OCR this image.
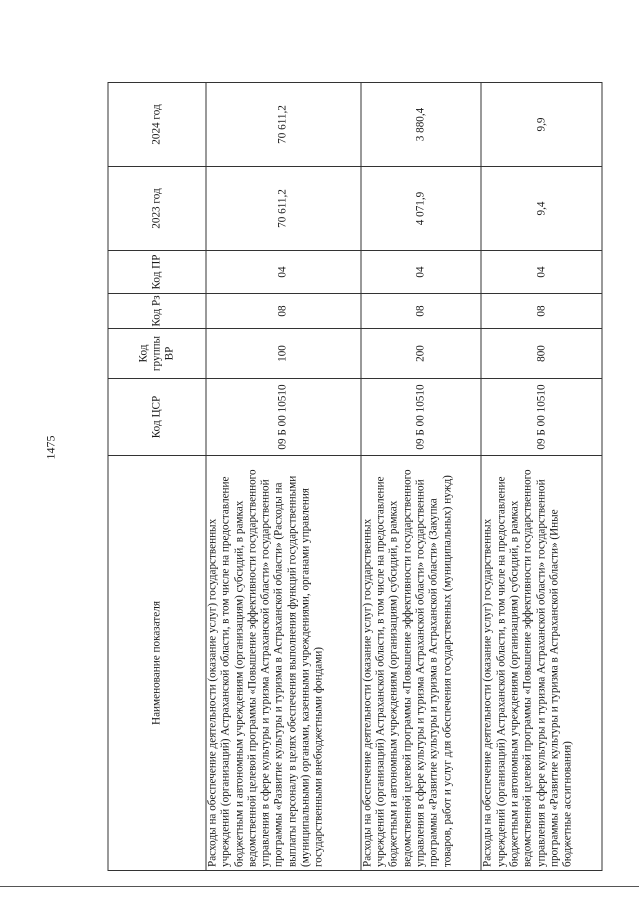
1475
Наименование показателя	Код ЦСР	Код группы ВР	Код Рз	Код ПР	2023 год	2024 год
Расходы на обеспечение деятельности (оказание услуг) государственных учреждений (организаций) Астраханской области, в том числе на предоставление бюджетным и автономным учреждениям (организациям) субсидий, в рамках ведомственной целевой программы «Повышение эффективности государственного управления в сфере культуры и туризма Астраханской области» государственной программы «Развитие культуры и туризма в Астраханской области» (Расходы на выплаты персоналу в целях обеспечения выполнения функций государственными (муниципальными) органами, казенными учреждениями, органами управления государственными внебюджетными фондами)	09 Б 00 10510	100	08	04	70 611,2	70 611,2
Расходы на обеспечение деятельности (оказание услуг) государственных учреждений (организаций) Астраханской области, в том числе на предоставление бюджетным и автономным учреждениям (организациям) субсидий, в рамках ведомственной целевой программы «Повышение эффективности государственного управления в сфере культуры и туризма Астраханской области» государственной программы «Развитие культуры и туризма в Астраханской области» (Закупка товаров, работ и услуг для обеспечения государственных (муниципальных) нужд)	09 Б 00 10510	200	08	04	4 071,9	3 880,4
Расходы на обеспечение деятельности (оказание услуг) государственных учреждений (организаций) Астраханской области, в том числе на предоставление бюджетным и автономным учреждениям (организациям) субсидий, в рамках ведомственной целевой программы «Повышение эффективности государственного управления в сфере культуры и туризма Астраханской области» государственной программы «Развитие культуры и туризма в Астраханской области» (Иные бюджетные ассигнования)	09 Б 00 10510	800	08	04	9,4	9,9
